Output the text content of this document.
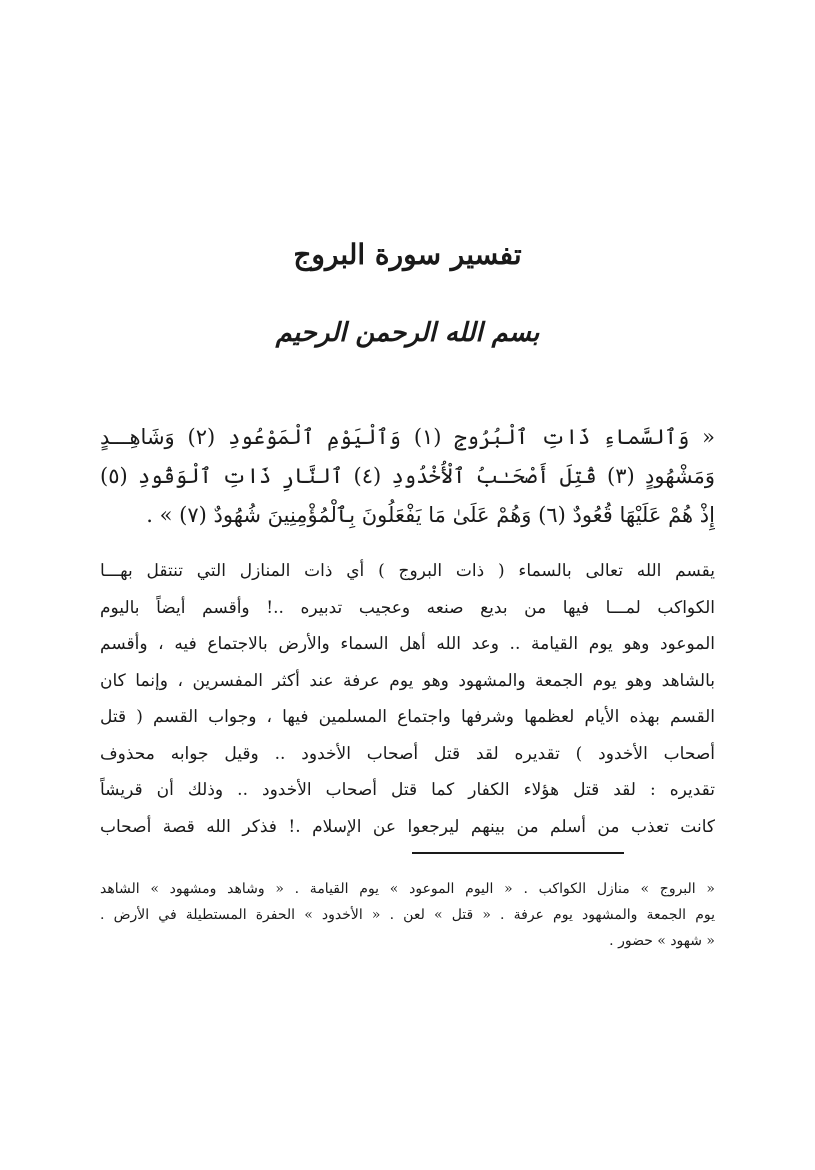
تفسير سورة البروج
بسم الله الرحمن الرحيم

« وَٱلسَّماءِ ذَاتِ ٱلْبُرُوجِ (١) وَٱلْيَوْمِ ٱلْمَوْعُودِ (٢) وَشَاهِـــدٍ

وَمَشْهُودٍ (٣) قُتِلَ أَصْحَـٰبُ ٱلْأُخْدُودِ (٤) ٱلنَّارِ ذَاتِ ٱلْوَقُودِ (٥)

إِذْ هُمْ عَلَيْهَا قُعُودٌ (٦) وَهُمْ عَلَىٰ مَا يَفْعَلُونَ بِٱلْمُؤْمِنِينَ شُهُودٌ (٧) » .

يقسم الله تعالى بالسماء ( ذات البروج ) أي ذات المنازل التي تنتقل بهـــا

الكواكب لمـــا فيها من بديع صنعه وعجيب تدبيره ..! وأقسم أيضاً باليوم

الموعود وهو يوم القيامة .. وعد الله أهل السماء والأرض بالاجتماع فيه ، وأقسم

بالشاهد وهو يوم الجمعة والمشهود وهو يوم عرفة عند أكثر المفسرين ، وإنما كان

القسم بهذه الأيام لعظمها وشرفها واجتماع المسلمين فيها ، وجواب القسم ( قتل

أصحاب الأخدود ) تقديره لقد قتل أصحاب الأخدود .. وقيل جوابه محذوف

تقديره : لقد قتل هؤلاء الكفار كما قتل أصحاب الأخدود .. وذلك أن قريشاً

كانت تعذب من أسلم من بينهم ليرجعوا عن الإسلام .! فذكر الله قصة أصحاب

« البروج » منازل الكواكب . « اليوم الموعود » يوم القيامة . « وشاهد ومشهود » الشاهد

يوم الجمعة والمشهود يوم عرفة . « قتل » لعن . « الأخدود » الحفرة المستطيلة في الأرض .

« شهود » حضور .
